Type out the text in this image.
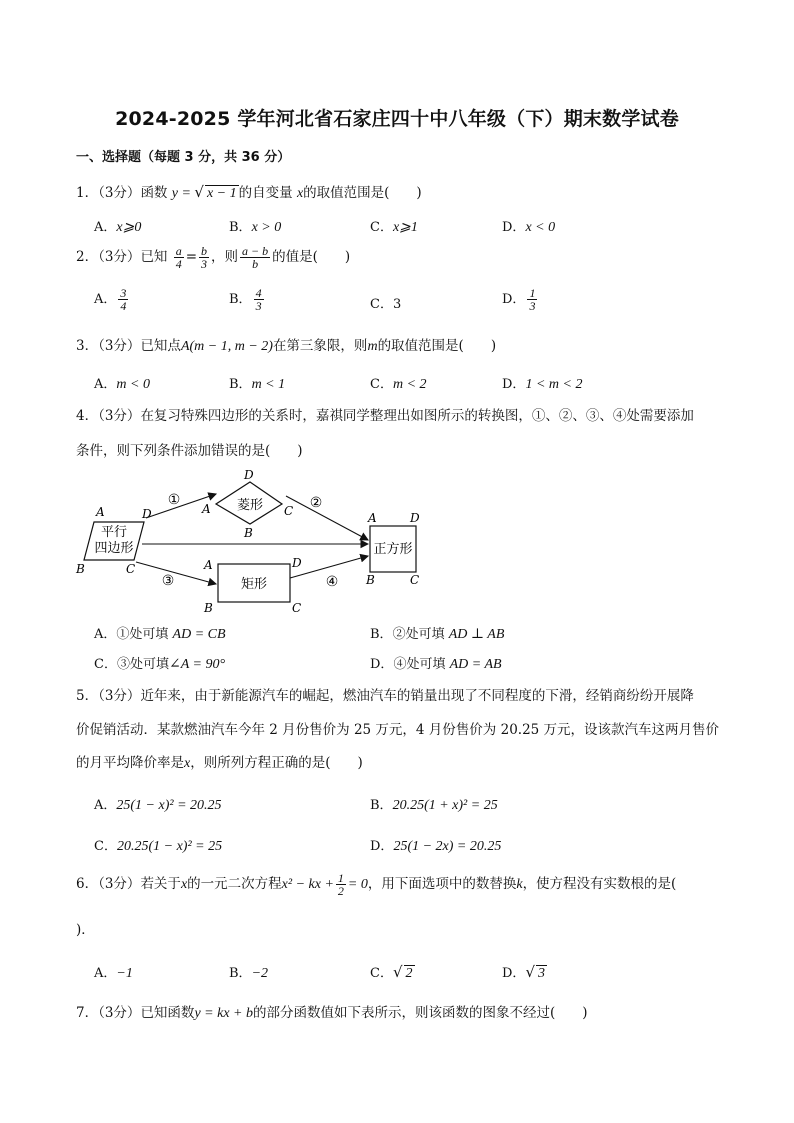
2024-2025 学年河北省石家庄四十中八年级（下）期末数学试卷
一、选择题（每题 3 分，共 36 分）
1．（3分）函数 y = √ x − 1 的自变量 x的取值范围是(　　)
A．x⩾0	B．x > 0	C．x⩾1	D．x < 0
2．（3分）已知 $\frac{a}{4} = \frac{b}{3}$ ，则 $\frac{a - b}{b}$ 的值是(　　)
A． $\frac{3}{4}$	B． $\frac{4}{3}$	C．3	D． $\frac{1}{3}$
3．（3分）已知点A(m − 1, m − 2)在第三象限，则m的取值范围是(　　)
A．m < 0	B．m < 1	C．m < 2	D．1 < m < 2
4．（3分）在复习特殊四边形的关系时，嘉祺同学整理出如图所示的转换图，①、②、③、④处需要添加
条件，则下列条件添加错误的是(　　)
平行
四边形
A	D
B	C
菱形
D
A	C
B
矩形
A	D
B	C
正方形
A	D
B	C
①	②
③	④
A．①处可填 AD = CB	B．②处可填 AD ⊥ AB
C．③处可填∠A = 90°	D．④处可填 AD = AB
5．（3分）近年来，由于新能源汽车的崛起，燃油汽车的销量出现了不同程度的下滑，经销商纷纷开展降
价促销活动．某款燃油汽车今年 2 月份售价为 25 万元，4 月份售价为 20.25 万元，设该款汽车这两月售价
的月平均降价率是x，则所列方程正确的是(　　)
A．25(1 − x)² = 20.25	B．20.25(1 + x)² = 25
C．20.25(1 − x)² = 25	D．25(1 − 2x) = 20.25
6．（3分）若关于x的一元二次方程x² − kx + $\frac{1}{2} = 0$，用下面选项中的数替换k，使方程没有实数根的是(
)．
A．−1	B．−2	C．√ 2	D．√ 3
7．（3分）已知函数y = kx + b的部分函数值如下表所示，则该函数的图象不经过(　　)
